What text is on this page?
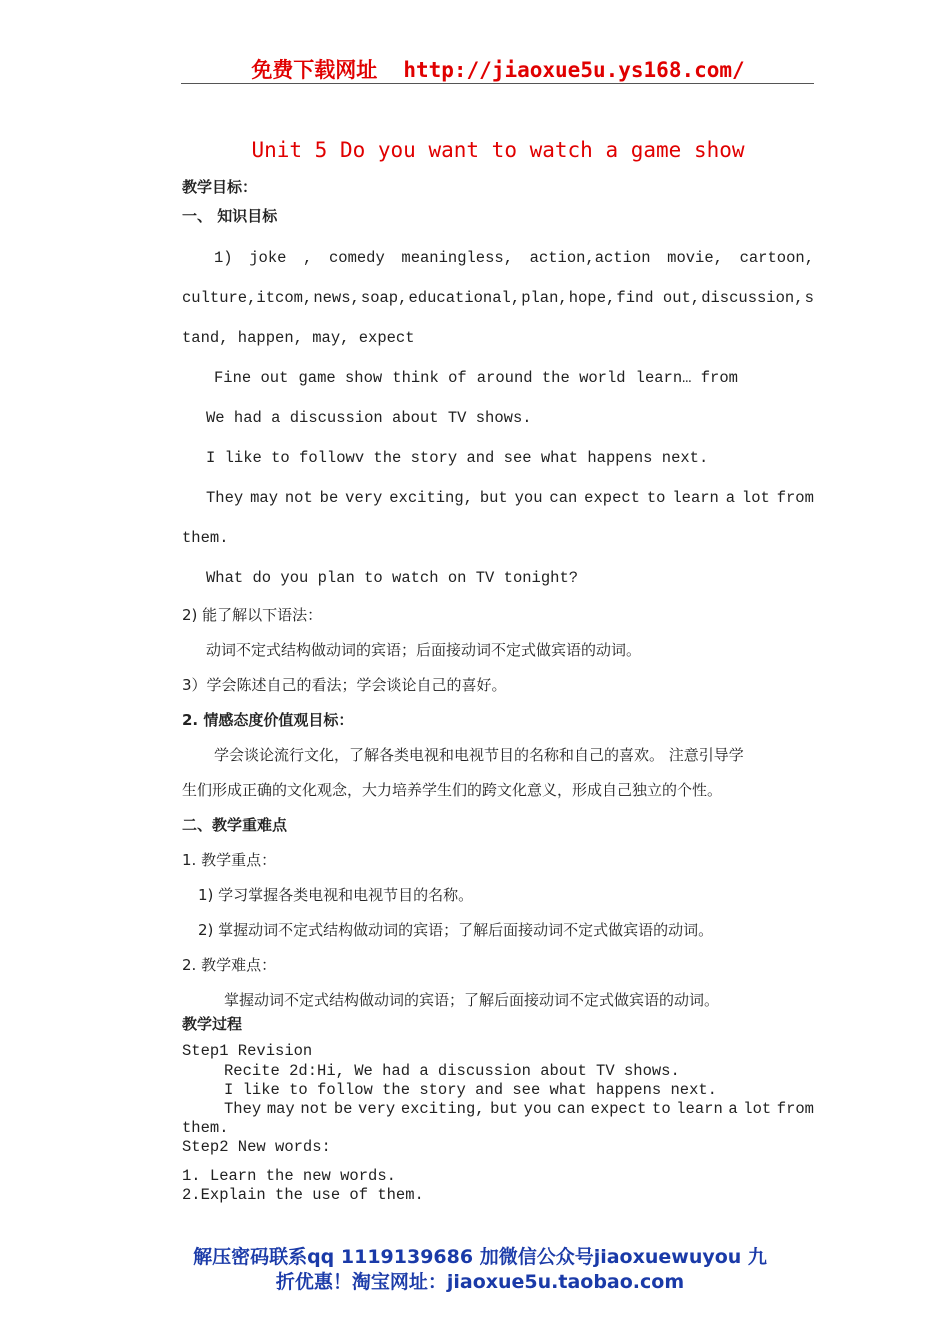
免费下载网址 http://jiaoxue5u.ys168.com/
Unit 5 Do you want to watch a game show
教学目标：
一、 知识目标
1) joke , comedy meaningless, action,action movie, cartoon,
culture,itcom, news, soap, educational, plan, hope, find out, discussion, s
tand, happen, may, expect
Fine out game show think of around the world learn… from
We had a discussion about TV shows.
I like to followv the story and see what happens next.
They may not be very exciting, but you can expect to learn a lot from
them.
What do you plan to watch on TV tonight?
2) 能了解以下语法：
动词不定式结构做动词的宾语；后面接动词不定式做宾语的动词。
3）学会陈述自己的看法；学会谈论自己的喜好。
2. 情感态度价值观目标：
学会谈论流行文化，了解各类电视和电视节目的名称和自己的喜欢。 注意引导学
生们形成正确的文化观念，大力培养学生们的跨文化意义，形成自己独立的个性。
二、教学重难点
1. 教学重点：
1) 学习掌握各类电视和电视节目的名称。
2) 掌握动词不定式结构做动词的宾语；了解后面接动词不定式做宾语的动词。
2. 教学难点：
掌握动词不定式结构做动词的宾语；了解后面接动词不定式做宾语的动词。
教学过程
Step1 Revision
Recite 2d:Hi, We had a discussion about TV shows.
I like to follow the story and see what happens next.
They may not be very exciting, but you can expect to learn a lot from
them.
Step2 New words:
1. Learn the new words.
2.Explain the use of them.
解压密码联系qq 1119139686 加微信公众号jiaoxuewuyou 九
折优惠！淘宝网址：jiaoxue5u.taobao.com
